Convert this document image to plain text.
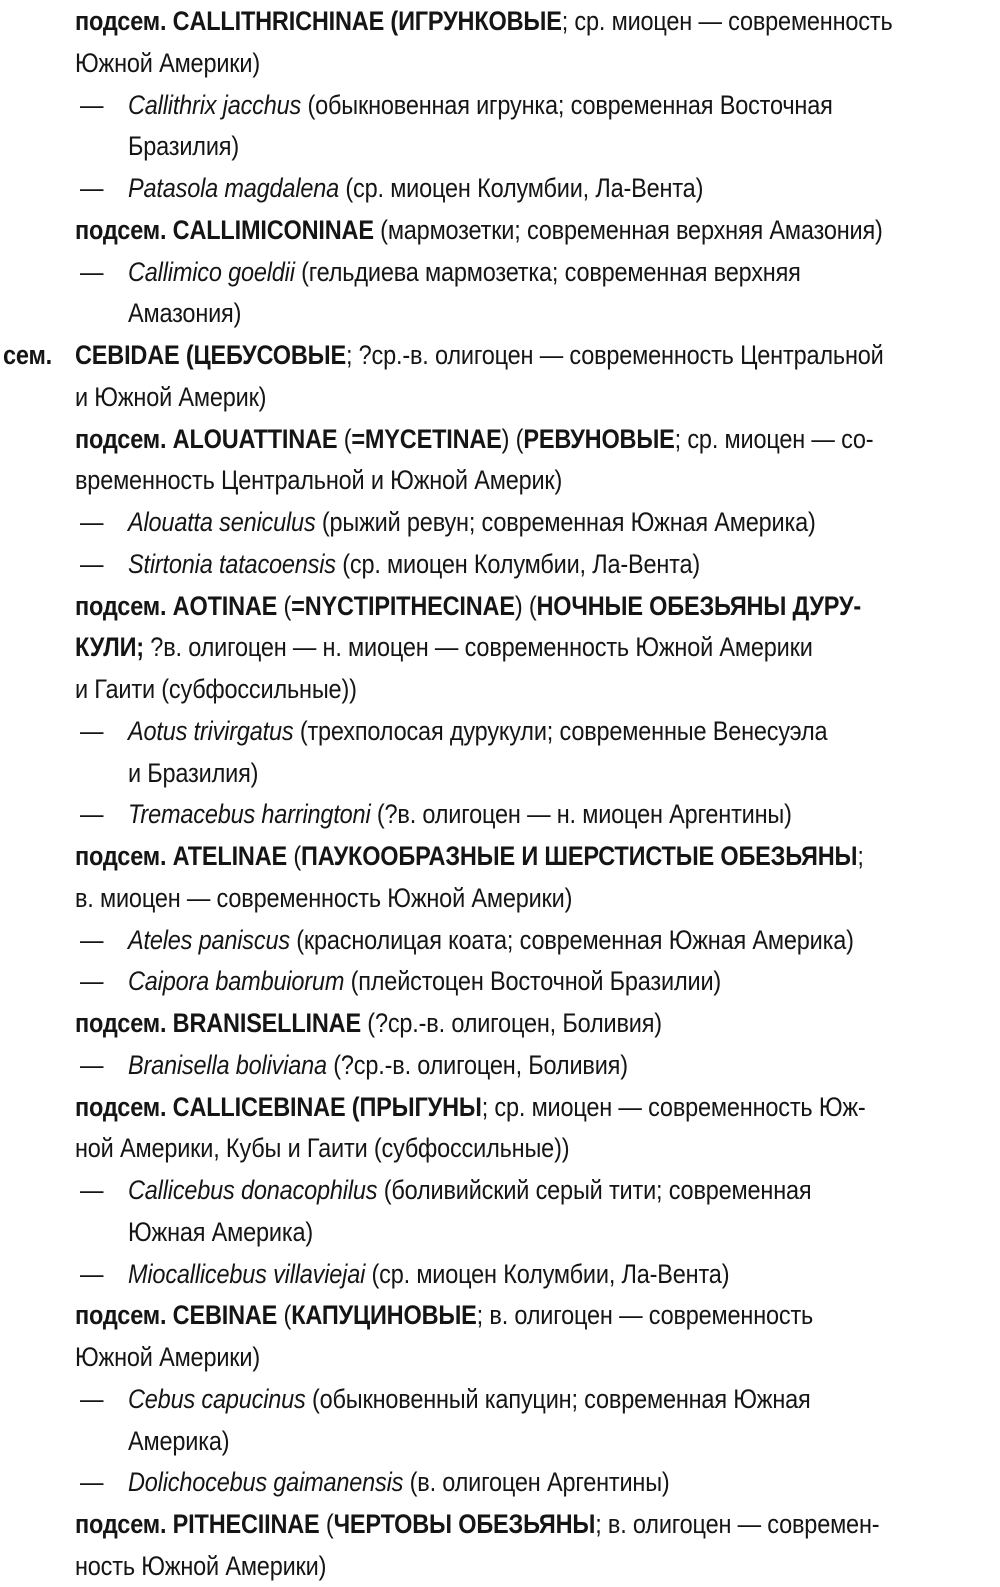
подсем. CALLITHRICHINAE (ИГРУНКОВЫЕ; ср. миоцен — современность
Южной Америки)
— Callithrix jacchus (обыкновенная игрунка; современная Восточная
Бразилия)
— Patasola magdalena (ср. миоцен Колумбии, Ла-Вента)
подсем. CALLIMICONINAE (мармозетки; современная верхняя Амазония)
— Callimico goeldii (гельдиева мармозетка; современная верхняя
Амазония)
сем. CEBIDAE (ЦЕБУСОВЫЕ; ?ср.-в. олигоцен — современность Центральной
и Южной Америк)
подсем. ALOUATTINAE (=MYCETINAE) (РЕВУНОВЫЕ; ср. миоцен — со-
временность Центральной и Южной Америк)
— Alouatta seniculus (рыжий ревун; современная Южная Америка)
— Stirtonia tatacoensis (ср. миоцен Колумбии, Ла-Вента)
подсем. AOTINAE (=NYCTIPITHECINAE) (НОЧНЫЕ ОБЕЗЬЯНЫ ДУРУ-
КУЛИ; ?в. олигоцен — н. миоцен — современность Южной Америки
и Гаити (субфоссильные))
— Aotus trivirgatus (трехполосая дурукули; современные Венесуэла
и Бразилия)
— Tremacebus harringtoni (?в. олигоцен — н. миоцен Аргентины)
подсем. ATELINAE (ПАУКООБРАЗНЫЕ И ШЕРСТИСТЫЕ ОБЕЗЬЯНЫ;
в. миоцен — современность Южной Америки)
— Ateles paniscus (краснолицая коата; современная Южная Америка)
— Caipora bambuiorum (плейстоцен Восточной Бразилии)
подсем. BRANISELLINAE (?ср.-в. олигоцен, Боливия)
— Branisella boliviana (?ср.-в. олигоцен, Боливия)
подсем. CALLICEBINAE (ПРЫГУНЫ; ср. миоцен — современность Юж-
ной Америки, Кубы и Гаити (субфоссильные))
— Callicebus donacophilus (боливийский серый тити; современная
Южная Америка)
— Miocallicebus villaviejai (ср. миоцен Колумбии, Ла-Вента)
подсем. CEBINAE (КАПУЦИНОВЫЕ; в. олигоцен — современность
Южной Америки)
— Cebus capucinus (обыкновенный капуцин; современная Южная
Америка)
— Dolichocebus gaimanensis (в. олигоцен Аргентины)
подсем. PITHECIINAE (ЧЕРТОВЫ ОБЕЗЬЯНЫ; в. олигоцен — современ-
ность Южной Америки)
